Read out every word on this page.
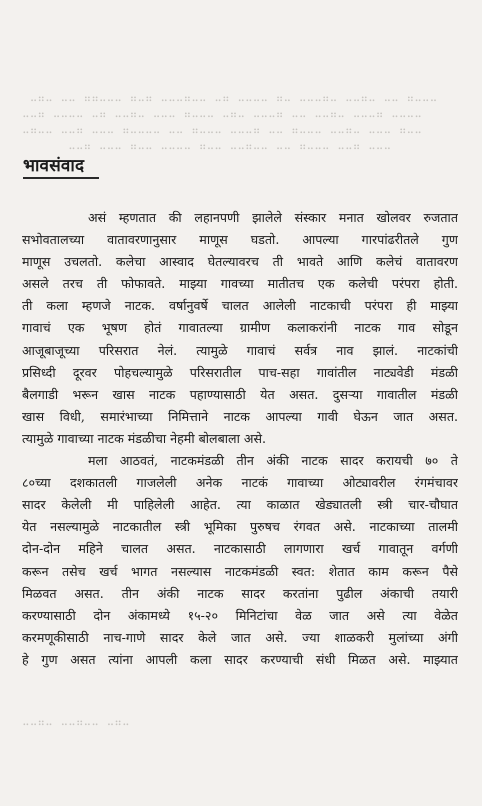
⠀⣀⣤⣀⠀⣀⣀⠀⣤⣤⣀⣀⣀⠀⣤⣀⣤⠀⣀⣀⣀⣤⣀⣀⠀⣀⣤⠀⣀⣀⣀⣀⠀⣤⣀⠀⣀⣀⣀⣤⣀⠀⣀⣀⣤⣀⠀⣀⣀⠀⣤⣀⣀⣀
⣀⣀⣤⠀⣀⣀⣀⣀⠀⣀⣤⠀⣀⣀⣤⣀⠀⣀⣀⣀⠀⣤⣀⣀⣀⠀⣀⣤⣀⠀⣀⣀⣀⣤⠀⣀⣀⠀⣀⣀⣤⣀⠀⣀⣀⣀⣤⠀⣀⣀⣀⣀
⣀⣤⣀⣀⠀⣀⣀⣤⠀⣀⣀⣀⠀⣤⣀⣀⣀⣀⠀⣀⣀⠀⣤⣀⣀⣀⠀⣀⣀⣀⣤⠀⣀⣀⠀⣤⣀⣀⣀⠀⣀⣀⣤⣀⠀⣀⣀⣀⠀⣤⣀⣀
⠀⠀⠀⠀⠀⠀⣀⣀⣤⠀⣀⣀⣀⠀⣤⣀⣀⠀⣀⣀⣀⣀⠀⣤⣀⣀⠀⣀⣀⣤⣀⣀⠀⣀⣀⠀⣤⣀⣀⣀⠀⣀⣀⣤⠀⣀⣀⣀
भावसंवाद
असं म्हणतात की लहानपणी झालेले संस्कार मनात खोलवर रुजतात
सभोवतालच्या वातावरणानुसार माणूस घडतो. आपल्या गारपांढरीतले गुण
माणूस उचलतो. कलेचा आस्वाद घेतल्यावरच ती भावते आणि कलेचं वातावरण
असले तरच ती फोफावते. माझ्या गावच्या मातीतच एक कलेची परंपरा होती.
ती कला म्हणजे नाटक. वर्षानुवर्षे चालत आलेली नाटकाची परंपरा ही माझ्या
गावाचं एक भूषण होतं गावातल्या ग्रामीण कलाकरांनी नाटक गाव सोडून
आजूबाजूच्या परिसरात नेलं. त्यामुळे गावाचं सर्वत्र नाव झालं. नाटकांची
प्रसिध्दी दूरवर पोहचल्यामुळे परिसरातील पाच-सहा गावांतील नाट्यवेडी मंडळी
बैलगाडी भरून खास नाटक पहाण्यासाठी येत असत. दुसऱ्या गावातील मंडळी
खास विधी, समारंभाच्या निमित्ताने नाटक आपल्या गावी घेऊन जात असत.
त्यामुळे गावाच्या नाटक मंडळीचा नेहमी बोलबाला असे.
मला आठवतं, नाटकमंडळी तीन अंकी नाटक सादर करायची ७० ते
८०च्या दशकातली गाजलेली अनेक नाटकं गावाच्या ओट्यावरील रंगमंचावर
सादर केलेली मी पाहिलेली आहेत. त्या काळात खेड्यातली स्त्री चार-चौघात
येत नसल्यामुळे नाटकातील स्त्री भूमिका पुरुषच रंगवत असे. नाटकाच्या तालमी
दोन-दोन महिने चालत असत. नाटकासाठी लागणारा खर्च गावातून वर्गणी
करून तसेच खर्च भागत नसल्यास नाटकमंडळी स्वत: शेतात काम करून पैसे
मिळवत असत. तीन अंकी नाटक सादर करतांना पुढील अंकाची तयारी
करण्यासाठी दोन अंकामध्ये १५-२० मिनिटांचा वेळ जात असे त्या वेळेत
करमणूकीसाठी नाच-गाणे सादर केले जात असे. ज्या शाळकरी मुलांच्या अंगी
हे गुण असत त्यांना आपली कला सादर करण्याची संधी मिळत असे. माझ्यात
⣀⣀⣤⣀⠀⣀⣀⣤⣀⣀⠀⣀⣤⣀⠀⠀
